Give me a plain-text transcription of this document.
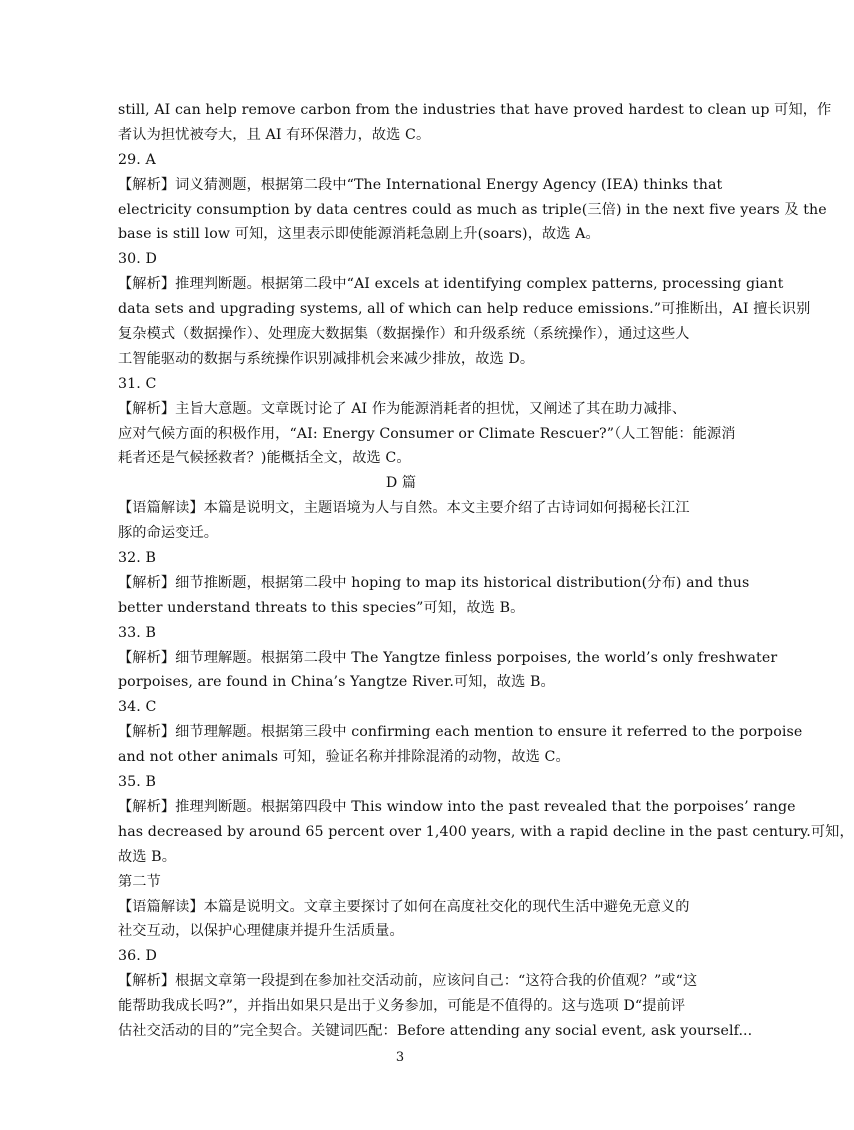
still, AI can help remove carbon from the industries that have proved hardest to clean up 可知，作
者认为担忧被夸大，且 AI 有环保潜力，故选 C。
29. A
【解析】词义猜测题，根据第二段中“The International Energy Agency (IEA) thinks that
electricity consumption by data centres could as much as triple(三倍) in the next five years 及 the
base is still low 可知，这里表示即使能源消耗急剧上升(soars)，故选 A。
30. D
【解析】推理判断题。根据第二段中“AI excels at identifying complex patterns, processing giant
data sets and upgrading systems, all of which can help reduce emissions.”可推断出，AI 擅长识别
复杂模式（数据操作）、处理庞大数据集（数据操作）和升级系统（系统操作），通过这些人
工智能驱动的数据与系统操作识别减排机会来减少排放，故选 D。
31. C
【解析】主旨大意题。文章既讨论了 AI 作为能源消耗者的担忧，又阐述了其在助力减排、
应对气候方面的积极作用，“AI: Energy Consumer or Climate Rescuer?”（人工智能：能源消
耗者还是气候拯救者？)能概括全文，故选 C。
D 篇
【语篇解读】本篇是说明文，主题语境为人与自然。本文主要介绍了古诗词如何揭秘长江江
豚的命运变迁。
32. B
【解析】细节推断题，根据第二段中 hoping to map its historical distribution(分布) and thus
better understand threats to this species”可知，故选 B。
33. B
【解析】细节理解题。根据第二段中 The Yangtze finless porpoises, the world’s only freshwater
porpoises, are found in China’s Yangtze River.可知，故选 B。
34. C
【解析】细节理解题。根据第三段中 confirming each mention to ensure it referred to the porpoise
and not other animals 可知，验证名称并排除混淆的动物，故选 C。
35. B
【解析】推理判断题。根据第四段中 This window into the past revealed that the porpoises’ range
has decreased by around 65 percent over 1,400 years, with a rapid decline in the past century.可知，
故选 B。
第二节
【语篇解读】本篇是说明文。文章主要探讨了如何在高度社交化的现代生活中避免无意义的
社交互动，以保护心理健康并提升生活质量。
36. D
【解析】根据文章第一段提到在参加社交活动前，应该问自己：“这符合我的价值观？”或“这
能帮助我成长吗?”，并指出如果只是出于义务参加，可能是不值得的。这与选项 D“提前评
估社交活动的目的”完全契合。关键词匹配：Before attending any social event, ask yourself...
3
